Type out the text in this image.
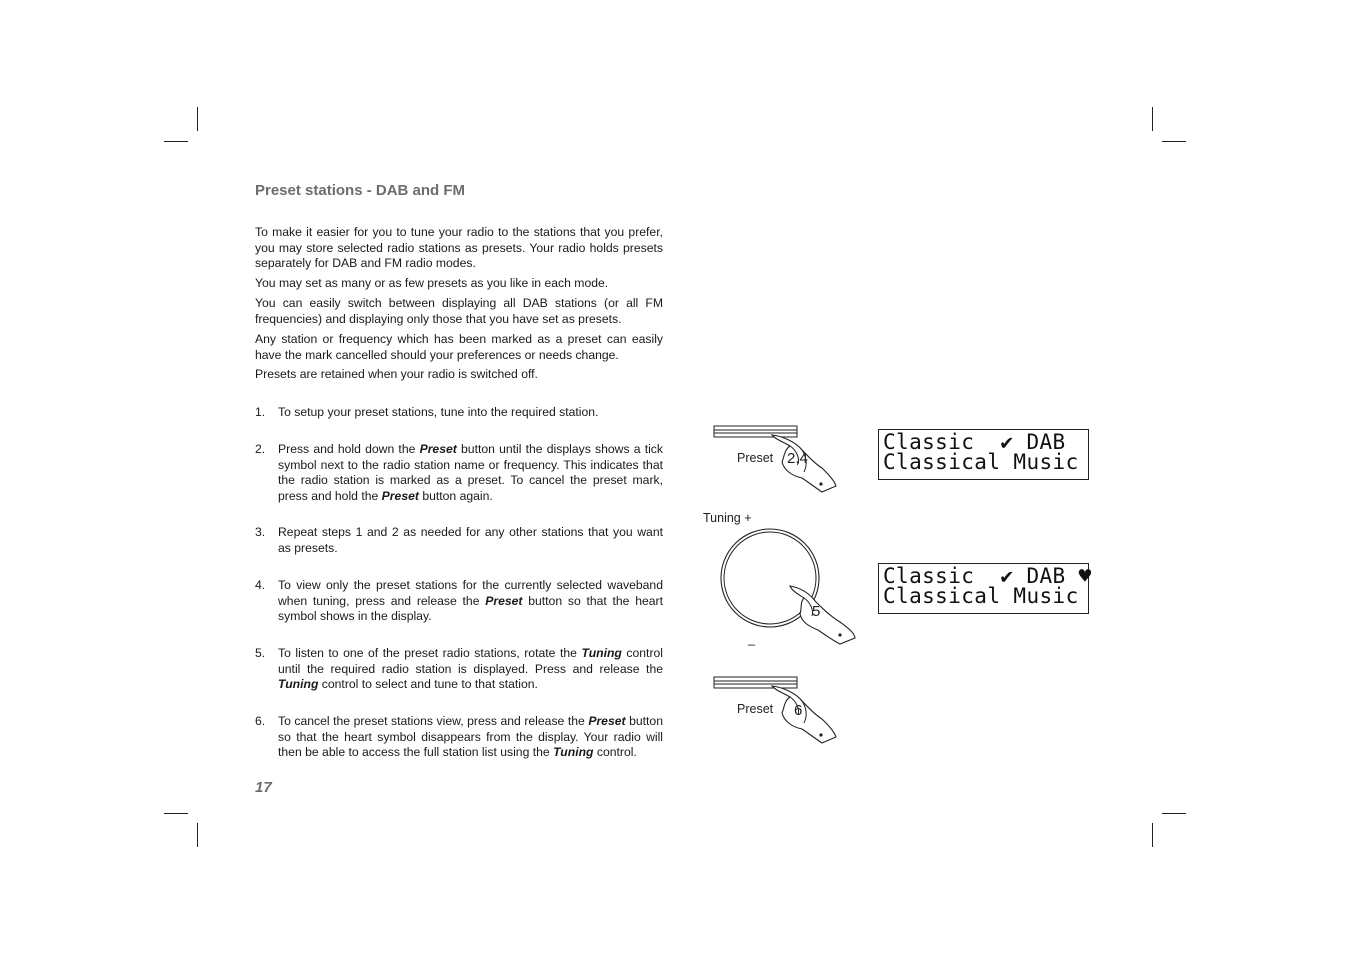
Preset stations - DAB and FM

To make it easier for you to tune your radio to the stations that you prefer, you may store selected radio stations as presets. Your radio holds presets separately for DAB and FM radio modes.

You may set as many or as few presets as you like in each mode.

You can easily switch between displaying all DAB stations (or all FM frequencies) and displaying only those that you have set as presets.

Any station or frequency which has been marked as a preset can easily have the mark cancelled should your preferences or needs change.

Presets are retained when your radio is switched off.

1. To setup your preset stations, tune into the required station.
2. Press and hold down the Preset button until the displays shows a tick symbol next to the radio station name or frequency. This indicates that the radio station is marked as a preset. To cancel the preset mark, press and hold the Preset button again.
3. Repeat steps 1 and 2 as needed for any other stations that you want as presets.
4. To view only the preset stations for the currently selected waveband when tuning, press and release the Preset button so that the heart symbol shows in the display.
5. To listen to one of the preset radio stations, rotate the Tuning control until the required radio station is displayed. Press and release the Tuning control to select and tune to that station.
6. To cancel the preset stations view, press and release the Preset button so that the heart symbol disappears from the display. Your radio will then be able to access the full station list using the Tuning control.
17
Preset 2,4
Tuning +
5
_
Preset 6
Classic  ✔ DAB
Classical Music
Classic  ✔ DAB ♥
Classical Music
